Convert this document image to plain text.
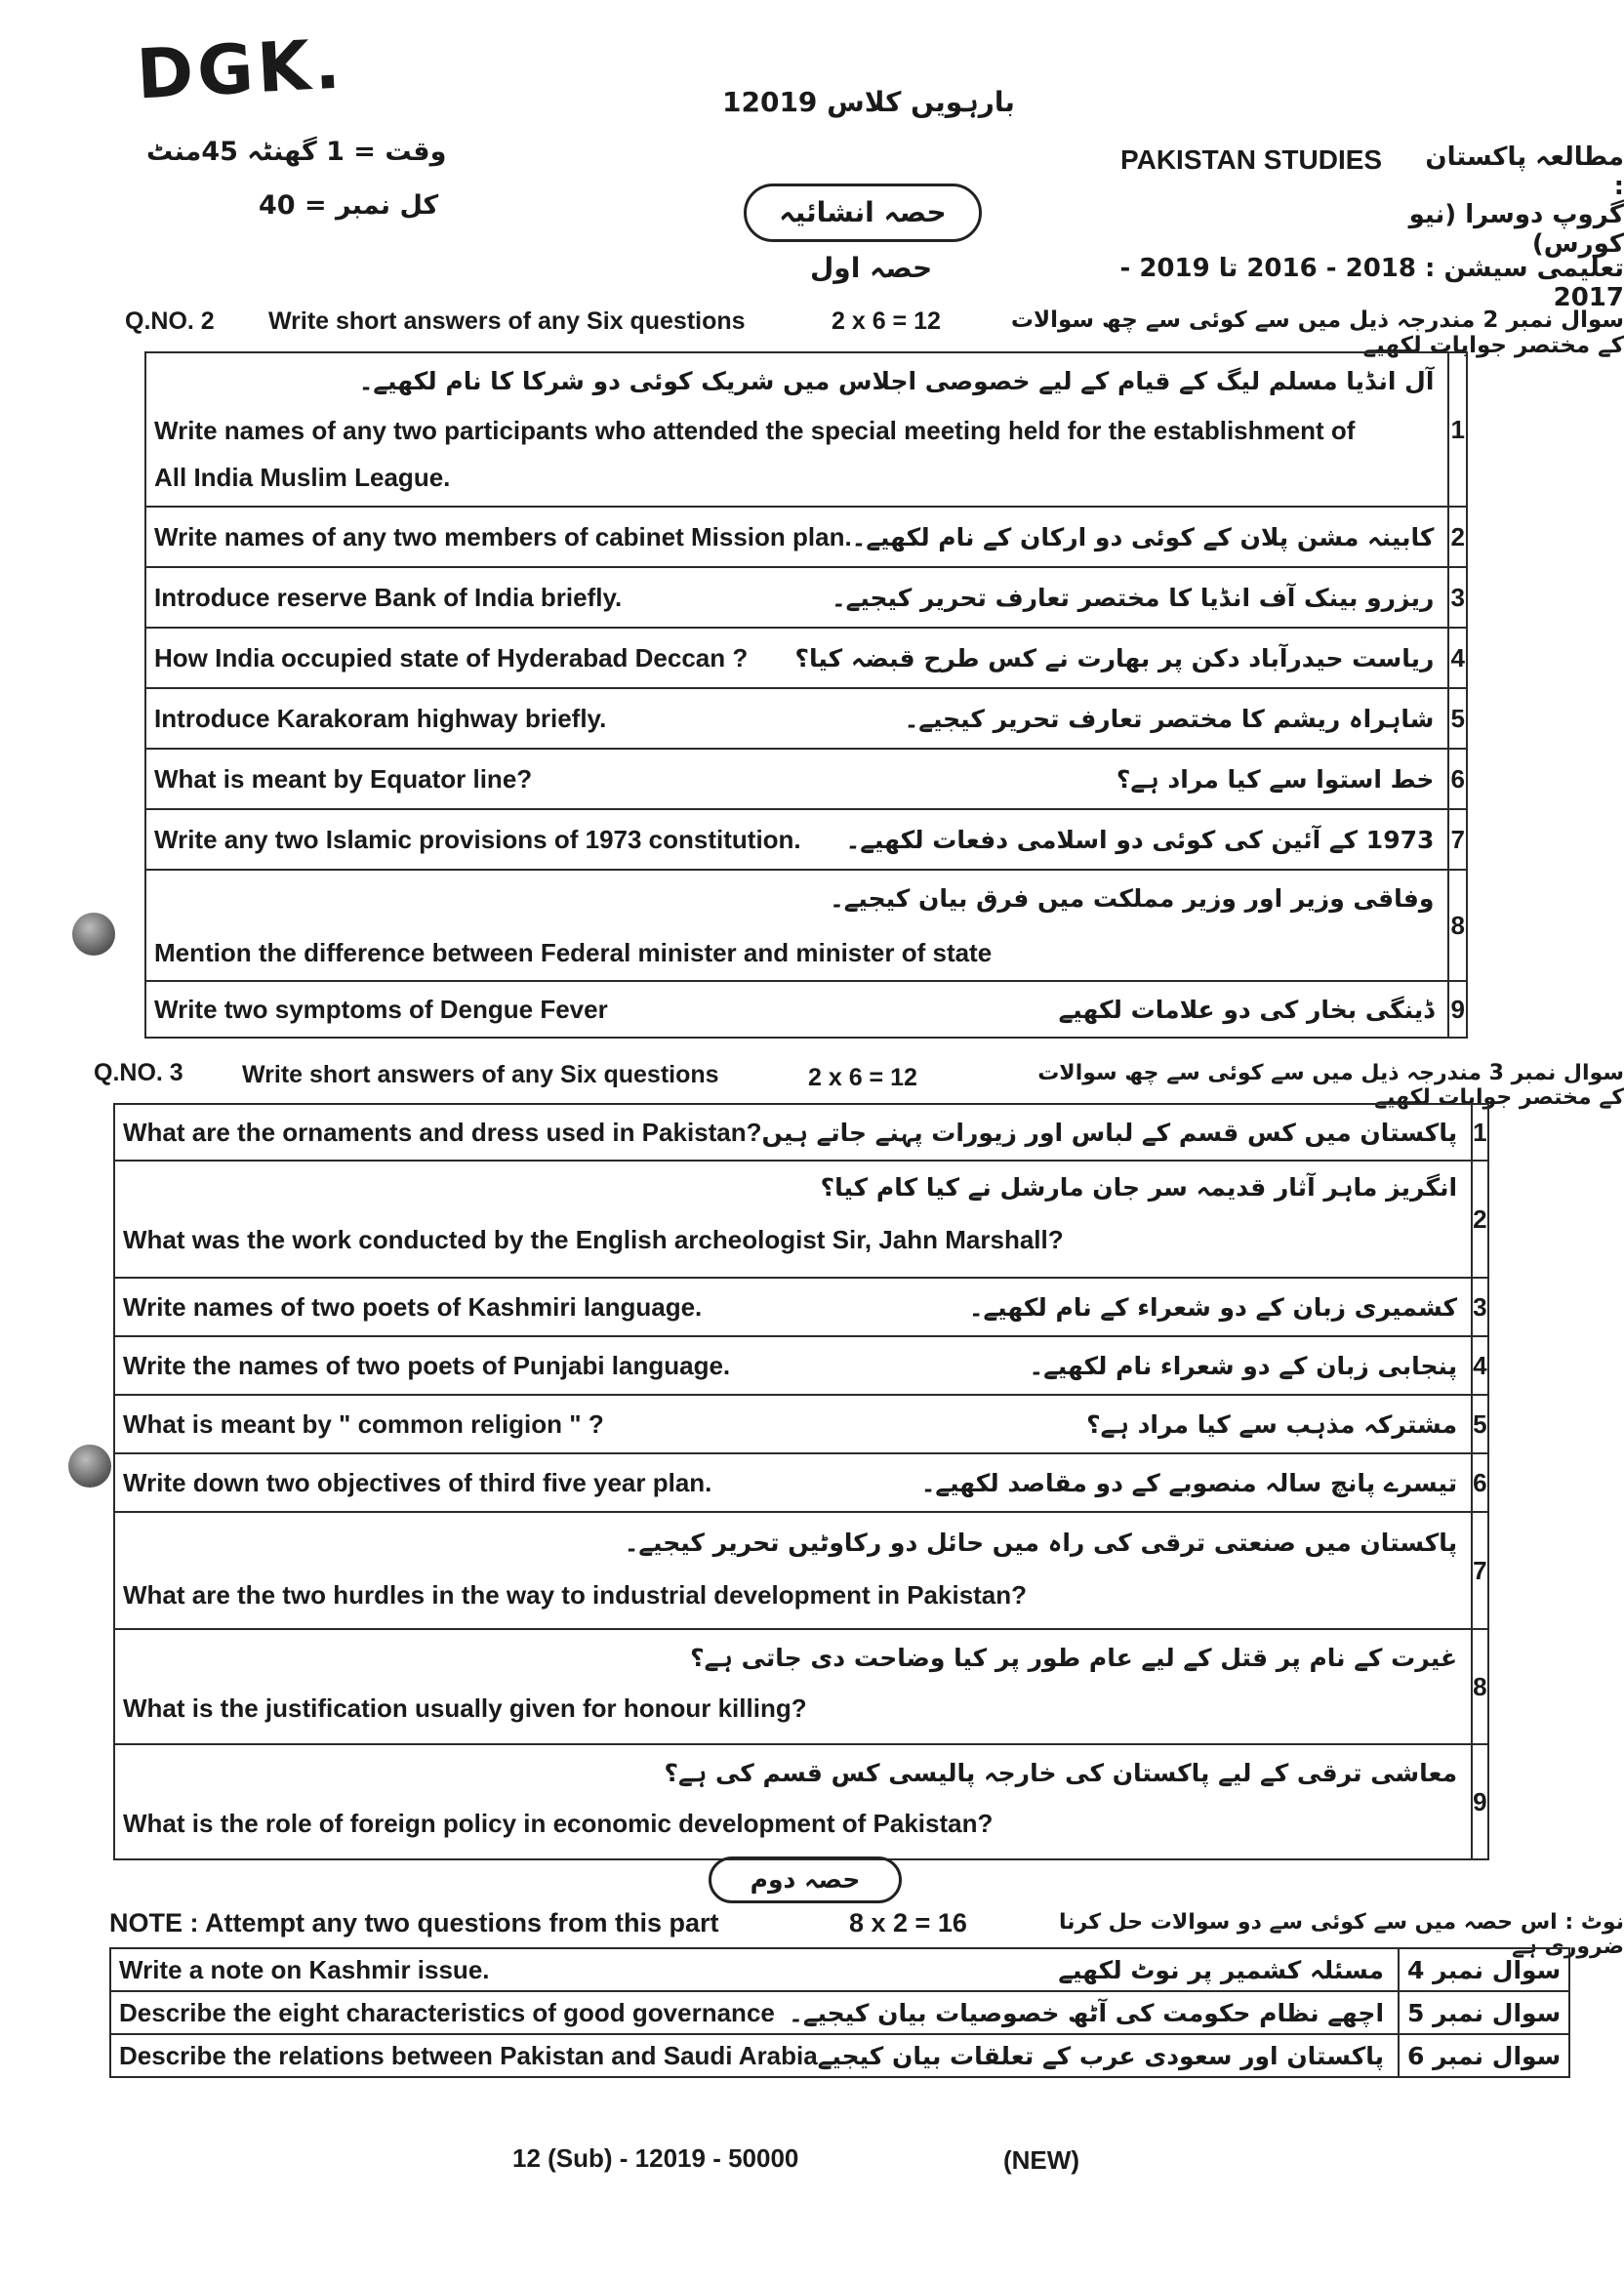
DGK.	بارہویں کلاس 12019
وقت = 1 گھنٹہ 45منٹ
کل نمبر = 40
PAKISTAN STUDIES مطالعہ پاکستان :
حصہ انشائیہ	گروپ دوسرا (نیو کورس)
حصہ اول	تعلیمی سیشن : 2018 - 2016 تا 2019 - 2017
Q.NO. 2 Write short answers of any Six questions	2 x 6 = 12	سوال نمبر 2 مندرجہ ذیل میں سے کوئی سے چھ سوالات کے مختصر جوابات لکھیے
آل انڈیا مسلم لیگ کے قیام کے لیے خصوصی اجلاس میں شریک کوئی دو شرکا کا نام لکھیے۔
Write names of any two participants who attended the special meeting held for the establishment of All India Muslim League.	1

Write names of any two members of cabinet Mission plan. کابینہ مشن پلان کے کوئی دو ارکان کے نام لکھیے۔	2

Introduce reserve Bank of India briefly. ریزرو بینک آف انڈیا کا مختصر تعارف تحریر کیجیے۔	3

How India occupied state of Hyderabad Deccan ? ریاست حیدرآباد دکن پر بھارت نے کس طرح قبضہ کیا؟	4

Introduce Karakoram highway briefly. شاہراہ ریشم کا مختصر تعارف تحریر کیجیے۔	5

What is meant by Equator line? خط استوا سے کیا مراد ہے؟	6

Write any two Islamic provisions of 1973 constitution. 1973 کے آئین کی کوئی دو اسلامی دفعات لکھیے۔	7

وفاقی وزیر اور وزیر مملکت میں فرق بیان کیجیے۔
Mention the difference between Federal minister and minister of state	8

Write two symptoms of Dengue Fever ڈینگی بخار کی دو علامات لکھیے	9
Q.NO. 3 Write short answers of any Six questions	2 x 6 = 12	سوال نمبر 3 مندرجہ ذیل میں سے کوئی سے چھ سوالات کے مختصر جوابات لکھیے
What are the ornaments and dress used in Pakistan? پاکستان میں کس قسم کے لباس اور زیورات پہنے جاتے ہیں	1

انگریز ماہر آثار قدیمہ سر جان مارشل نے کیا کام کیا؟
What was the work conducted by the English archeologist Sir, Jahn Marshall?	2

Write names of two poets of Kashmiri language. کشمیری زبان کے دو شعراء کے نام لکھیے۔	3

Write the names of two poets of Punjabi language. پنجابی زبان کے دو شعراء نام لکھیے۔	4

What is meant by " common religion " ? مشترکہ مذہب سے کیا مراد ہے؟	5

Write down two objectives of third five year plan. تیسرے پانچ سالہ منصوبے کے دو مقاصد لکھیے۔	6

پاکستان میں صنعتی ترقی کی راہ میں حائل دو رکاوٹیں تحریر کیجیے۔
What are the two hurdles in the way to industrial development in Pakistan?	7

غیرت کے نام پر قتل کے لیے عام طور پر کیا وضاحت دی جاتی ہے؟
What is the justification usually given for honour killing?	8

معاشی ترقی کے لیے پاکستان کی خارجہ پالیسی کس قسم کی ہے؟
What is the role of foreign policy in economic development of Pakistan?	9
حصہ دوم
NOTE : Attempt any two questions from this part	8 x 2 = 16	نوٹ : اس حصہ میں سے کوئی سے دو سوالات حل کرنا ضروری ہے
Write a note on Kashmir issue. مسئلہ کشمیر پر نوٹ لکھیے	سوال نمبر 4

Describe the eight characteristics of good governance اچھے نظام حکومت کی آٹھ خصوصیات بیان کیجیے۔	سوال نمبر 5

Describe the relations between Pakistan and Saudi Arabia پاکستان اور سعودی عرب کے تعلقات بیان کیجیے	سوال نمبر 6
12 (Sub) - 12019 - 50000	(NEW)
